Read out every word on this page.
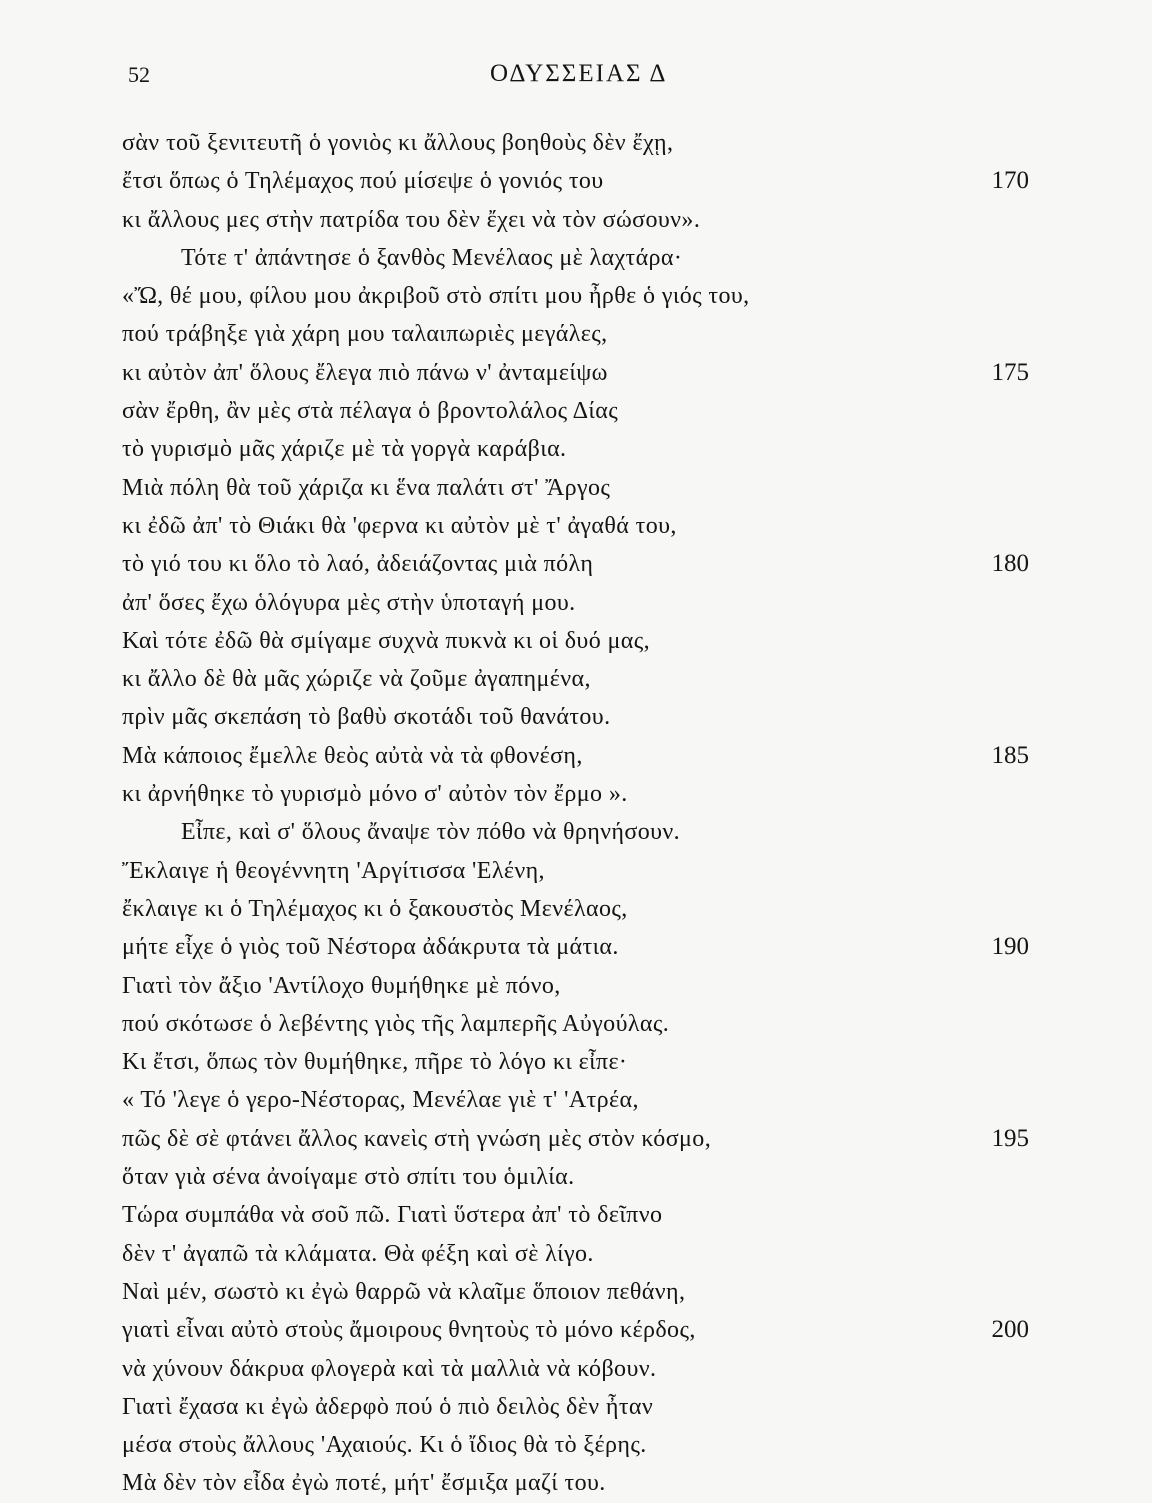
52	ΟΔΥΣΣΕΙΑΣ Δ
σὰν τοῦ ξενιτευτῆ ὁ γονιὸς κι ἄλλους βοηθοὺς δὲν ἔχῃ,
ἔτσι ὅπως ὁ Τηλέμαχος πού μίσεψε ὁ γονιός του	170
κι ἄλλους μες στὴν πατρίδα του δὲν ἔχει νὰ τὸν σώσουν».
Τότε τ' ἀπάντησε ὁ ξανθὸς Μενέλαος μὲ λαχτάρα·
«Ὤ, θέ μου, φίλου μου ἀκριβοῦ στὸ σπίτι μου ἦρθε ὁ γιός του,
πού τράβηξε γιὰ χάρη μου ταλαιπωριὲς μεγάλες,
κι αὐτὸν ἀπ' ὅλους ἔλεγα πιὸ πάνω ν' ἀνταμείψω	175
σὰν ἔρθη, ἂν μὲς στὰ πέλαγα ὁ βροντολάλος Δίας
τὸ γυρισμὸ μᾶς χάριζε μὲ τὰ γοργὰ καράβια.
Μιὰ πόλη θὰ τοῦ χάριζα κι ἕνα παλάτι στ' Ἄργος
κι ἐδῶ ἀπ' τὸ Θιάκι θὰ 'φερνα κι αὐτὸν μὲ τ' ἀγαθά του,
τὸ γιό του κι ὅλο τὸ λαό, ἀδειάζοντας μιὰ πόλη	180
ἀπ' ὅσες ἔχω ὁλόγυρα μὲς στὴν ὑποταγή μου.
Καὶ τότε ἐδῶ θὰ σμίγαμε συχνὰ πυκνὰ κι οἱ δυό μας,
κι ἄλλο δὲ θὰ μᾶς χώριζε νὰ ζοῦμε ἀγαπημένα,
πρὶν μᾶς σκεπάση τὸ βαθὺ σκοτάδι τοῦ θανάτου.
Μὰ κάποιος ἔμελλε θεὸς αὐτὰ νὰ τὰ φθονέση,	185
κι ἀρνήθηκε τὸ γυρισμὸ μόνο σ' αὐτὸν τὸν ἔρμο ».
Εἶπε, καὶ σ' ὅλους ἄναψε τὸν πόθο νὰ θρηνήσουν.
Ἔκλαιγε ἡ θεογέννητη 'Αργίτισσα 'Ελένη,
ἔκλαιγε κι ὁ Τηλέμαχος κι ὁ ξακουστὸς Μενέλαος,
μήτε εἶχε ὁ γιὸς τοῦ Νέστορα ἀδάκρυτα τὰ μάτια.	190
Γιατὶ τὸν ἄξιο 'Αντίλοχο θυμήθηκε μὲ πόνο,
πού σκότωσε ὁ λεβέντης γιὸς τῆς λαμπερῆς Αὐγούλας.
Κι ἔτσι, ὅπως τὸν θυμήθηκε, πῆρε τὸ λόγο κι εἶπε·
« Τό 'λεγε ὁ γερο-Νέστορας, Μενέλαε γιὲ τ' 'Ατρέα,
πῶς δὲ σὲ φτάνει ἄλλος κανεὶς στὴ γνώση μὲς στὸν κόσμο,	195
ὅταν γιὰ σένα ἀνοίγαμε στὸ σπίτι του ὁμιλία.
Τώρα συμπάθα νὰ σοῦ πῶ. Γιατὶ ὕστερα ἀπ' τὸ δεῖπνο
δὲν τ' ἀγαπῶ τὰ κλάματα. Θὰ φέξη καὶ σὲ λίγο.
Ναὶ μέν, σωστὸ κι ἐγὼ θαρρῶ νὰ κλαῖμε ὅποιον πεθάνη,
γιατὶ εἶναι αὐτὸ στοὺς ἄμοιρους θνητοὺς τὸ μόνο κέρδος,	200
νὰ χύνουν δάκρυα φλογερὰ καὶ τὰ μαλλιὰ νὰ κόβουν.
Γιατὶ ἔχασα κι ἐγὼ ἀδερφὸ πού ὁ πιὸ δειλὸς δὲν ἦταν
μέσα στοὺς ἄλλους 'Αχαιούς. Κι ὁ ἴδιος θὰ τὸ ξέρης.
Μὰ δὲν τὸν εἶδα ἐγὼ ποτέ, μήτ' ἔσμιξα μαζί του.
